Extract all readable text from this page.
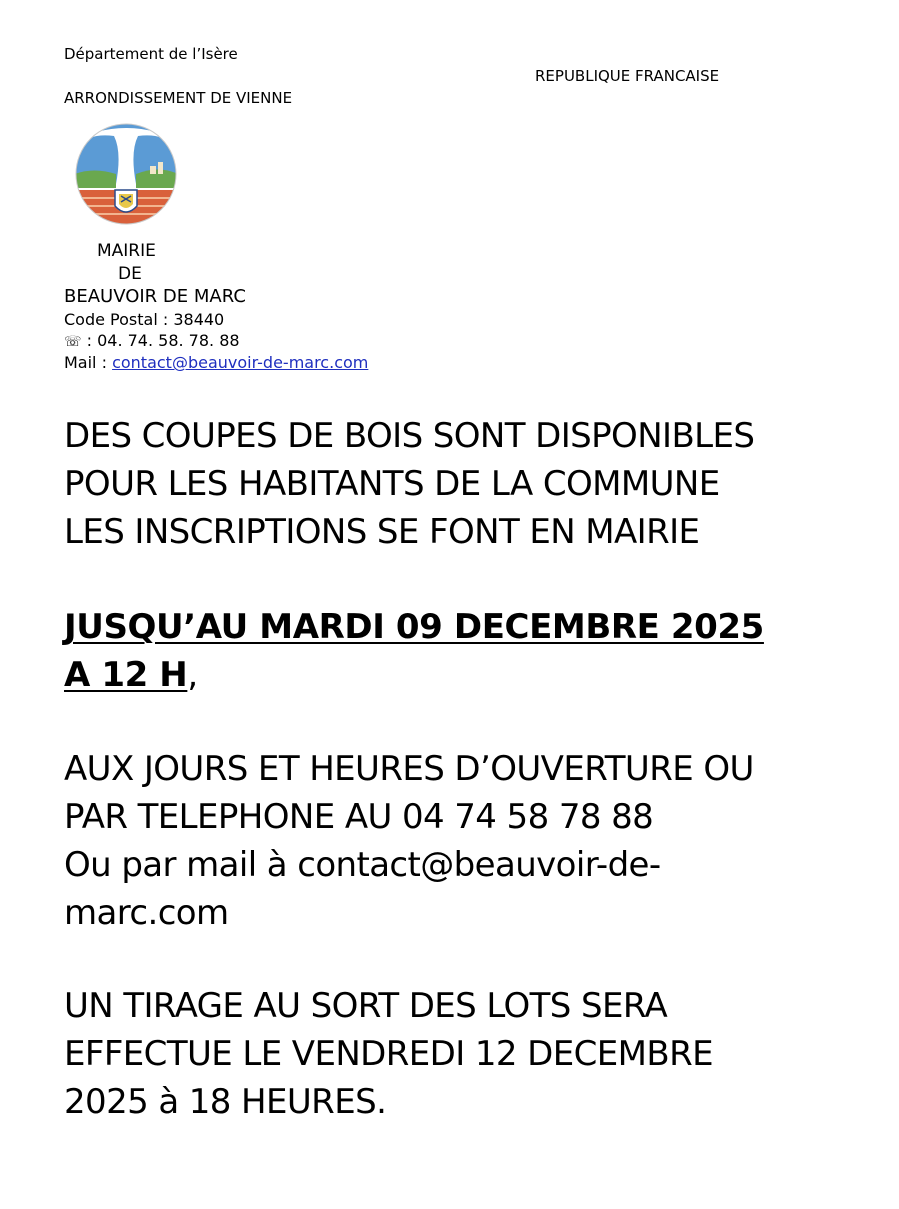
Département de l’Isère
REPUBLIQUE FRANCAISE
ARRONDISSEMENT DE VIENNE
MAIRIE
DE
BEAUVOIR DE MARC
Code Postal : 38440
☏ : 04. 74. 58. 78. 88
Mail : contact@beauvoir-de-marc.com
DES COUPES DE BOIS SONT DISPONIBLES
POUR LES HABITANTS DE LA COMMUNE
LES INSCRIPTIONS SE FONT EN MAIRIE
JUSQU’AU MARDI 09 DECEMBRE 2025
A 12 H,
AUX JOURS ET HEURES D’OUVERTURE OU
PAR TELEPHONE AU 04 74 58 78 88
Ou par mail à contact@beauvoir-de-
marc.com
UN TIRAGE AU SORT DES LOTS SERA
EFFECTUE LE VENDREDI 12 DECEMBRE
2025 à 18 HEURES.
